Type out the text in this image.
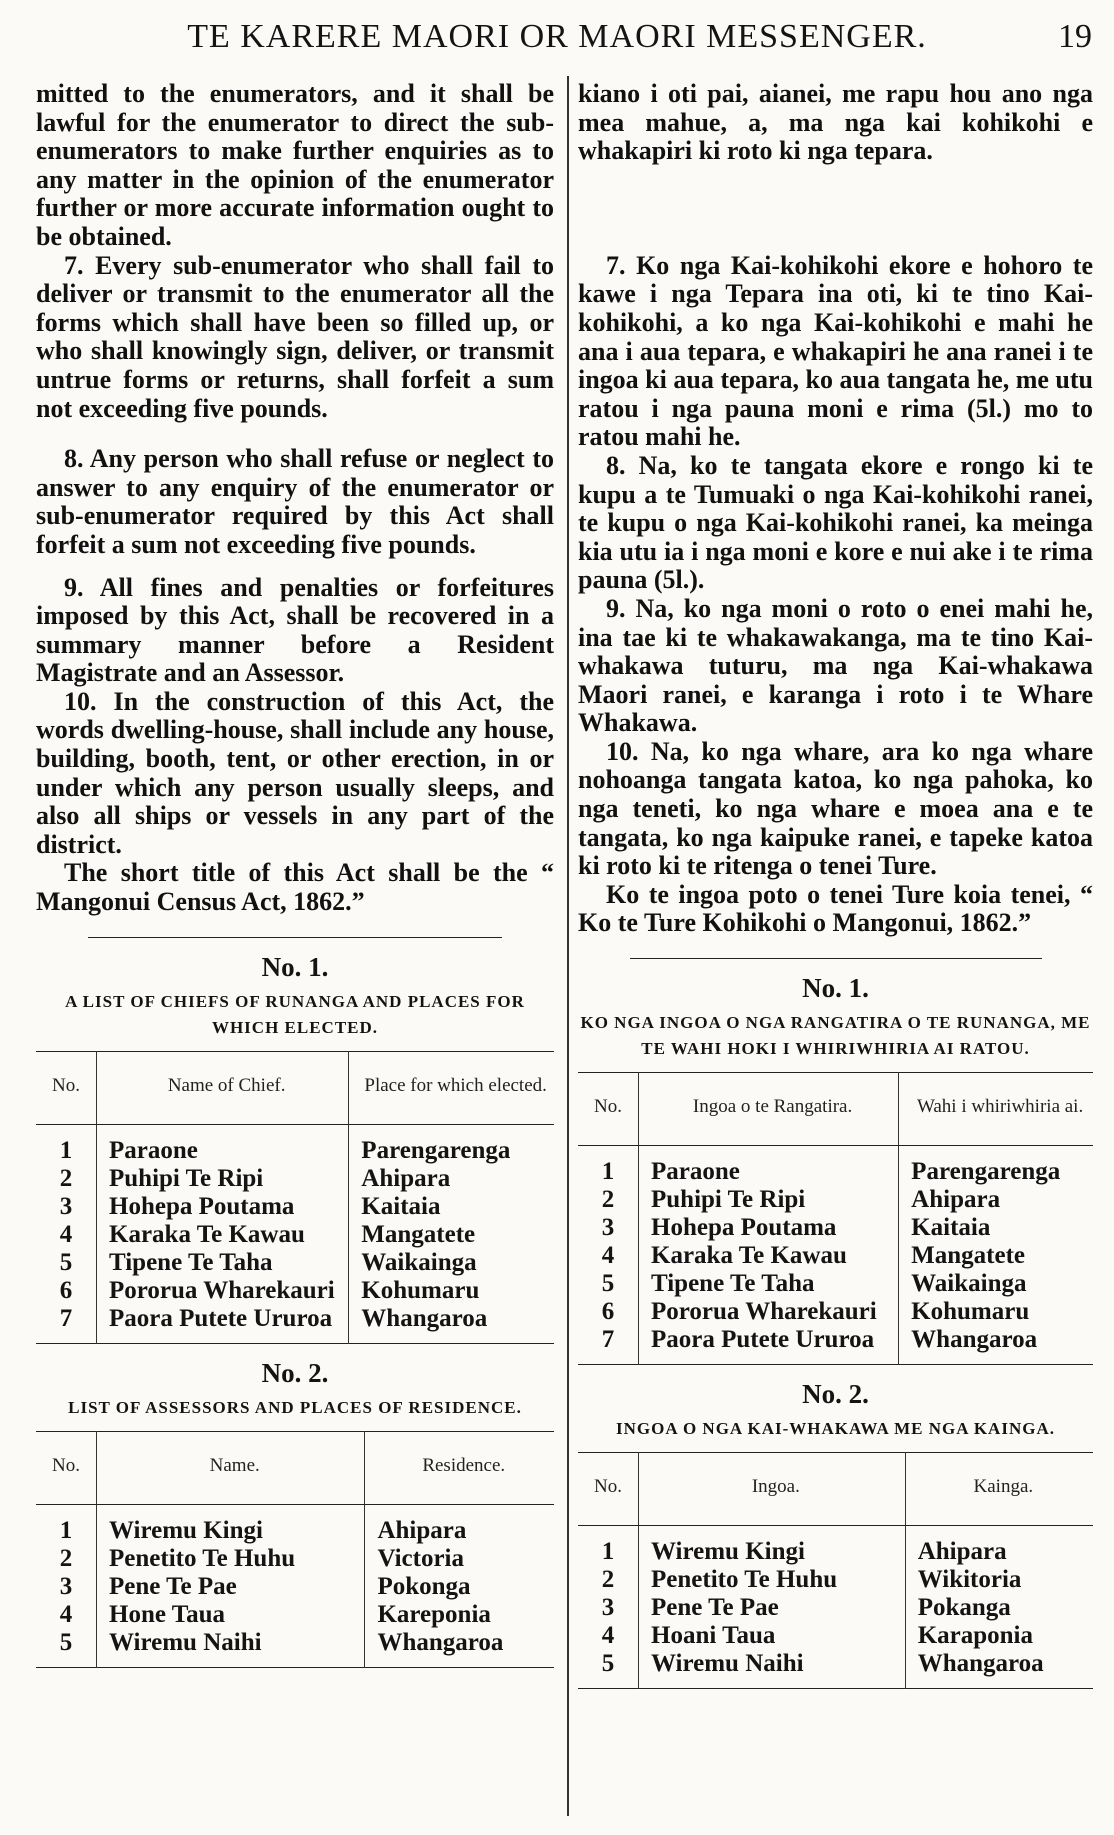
TE KARERE MAORI OR MAORI MESSENGER.	19

mitted to the enumerators, and it shall be lawful for the enumerator to direct the sub-enumerators to make further enquiries as to any matter in the opinion of the enumerator further or more accurate information ought to be obtained.

7. Every sub-enumerator who shall fail to deliver or transmit to the enumerator all the forms which shall have been so filled up, or who shall knowingly sign, deliver, or transmit untrue forms or returns, shall forfeit a sum not exceeding five pounds.

8. Any person who shall refuse or neglect to answer to any enquiry of the enumerator or sub-enumerator required by this Act shall forfeit a sum not exceeding five pounds.

9. All fines and penalties or forfeitures imposed by this Act, shall be recovered in a summary manner before a Resident Magistrate and an Assessor.

10. In the construction of this Act, the words dwelling-house, shall include any house, building, booth, tent, or other erection, in or under which any person usually sleeps, and also all ships or vessels in any part of the district.

The short title of this Act shall be the “ Mangonui Census Act, 1862.”

No. 1.
A LIST OF CHIEFS OF RUNANGA AND PLACES FOR WHICH ELECTED.
No.	Name of Chief.	Place for which elected.
1	Paraone	Parengarenga
2	Puhipi Te Ripi	Ahipara
3	Hohepa Poutama	Kaitaia
4	Karaka Te Kawau	Mangatete
5	Tipene Te Taha	Waikainga
6	Pororua Wharekauri	Kohumaru
7	Paora Putete Ururoa	Whangaroa
No. 2.
LIST OF ASSESSORS AND PLACES OF RESIDENCE.
No.	Name.	Residence.
1	Wiremu Kingi	Ahipara
2	Penetito Te Huhu	Victoria
3	Pene Te Pae	Pokonga
4	Hone Taua	Kareponia
5	Wiremu Naihi	Whangaroa

kiano i oti pai, aianei, me rapu hou ano nga mea mahue, a, ma nga kai kohikohi e whakapiri ki roto ki nga tepara.

7. Ko nga Kai-kohikohi ekore e hohoro te kawe i nga Tepara ina oti, ki te tino Kai-kohikohi, a ko nga Kai-kohikohi e mahi he ana i aua tepara, e whakapiri he ana ranei i te ingoa ki aua tepara, ko aua tangata he, me utu ratou i nga pauna moni e rima (5l.) mo to ratou mahi he.

8. Na, ko te tangata ekore e rongo ki te kupu a te Tumuaki o nga Kai-kohikohi ranei, te kupu o nga Kai-kohikohi ranei, ka meinga kia utu ia i nga moni e kore e nui ake i te rima pauna (5l.).

9. Na, ko nga moni o roto o enei mahi he, ina tae ki te whakawakanga, ma te tino Kai-whakawa tuturu, ma nga Kai-whakawa Maori ranei, e karanga i roto i te Whare Whakawa.

10. Na, ko nga whare, ara ko nga whare nohoanga tangata katoa, ko nga pahoka, ko nga teneti, ko nga whare e moea ana e te tangata, ko nga kaipuke ranei, e tapeke katoa ki roto ki te ritenga o tenei Ture.

Ko te ingoa poto o tenei Ture koia tenei, “ Ko te Ture Kohikohi o Mangonui, 1862.”

No. 1.
KO NGA INGOA O NGA RANGATIRA O TE RUNANGA, ME TE WAHI HOKI I WHIRIWHIRIA AI RATOU.
No.	Ingoa o te Rangatira.	Wahi i whiriwhiria ai.
1	Paraone	Parengarenga
2	Puhipi Te Ripi	Ahipara
3	Hohepa Poutama	Kaitaia
4	Karaka Te Kawau	Mangatete
5	Tipene Te Taha	Waikainga
6	Pororua Wharekauri	Kohumaru
7	Paora Putete Ururoa	Whangaroa
No. 2.
INGOA O NGA KAI-WHAKAWA ME NGA KAINGA.
No.	Ingoa.	Kainga.
1	Wiremu Kingi	Ahipara
2	Penetito Te Huhu	Wikitoria
3	Pene Te Pae	Pokanga
4	Hoani Taua	Karaponia
5	Wiremu Naihi	Whangaroa
